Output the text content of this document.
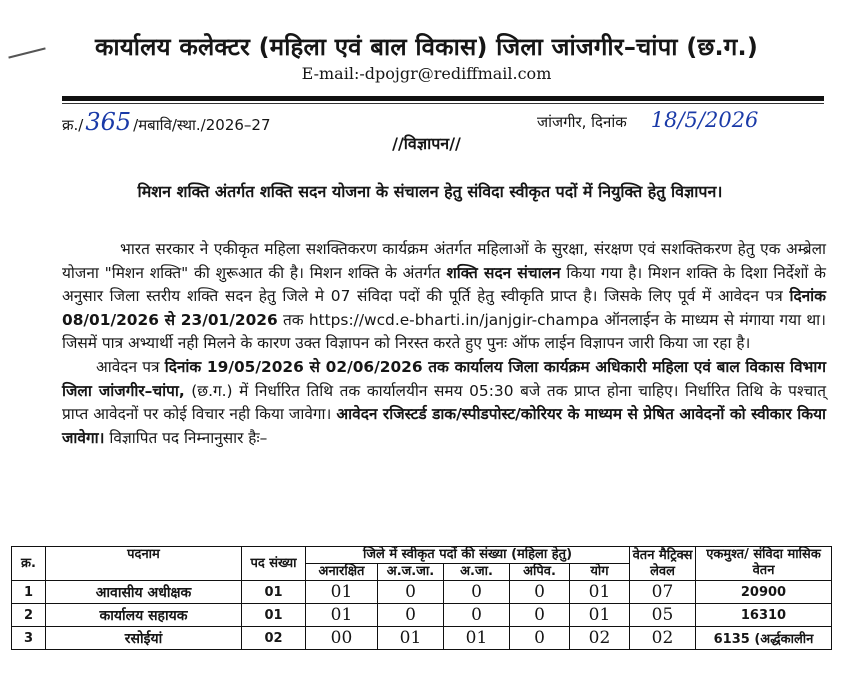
कार्यालय कलेक्टर (महिला एवं बाल विकास) जिला जांजगीर–चांपा (छ.ग.)
E-mail:-dpojgr@rediffmail.com
क्र./ 365 /मबावि/स्था./2026–27	जांजगीर, दिनांक 18/5/2026
//विज्ञापन//
मिशन शक्ति अंतर्गत शक्ति सदन योजना के संचालन हेतु संविदा स्वीकृत पदों में नियुक्ति हेतु विज्ञापन।

भारत सरकार ने एकीकृत महिला सशक्तिकरण कार्यक्रम अंतर्गत महिलाओं के सुरक्षा, संरक्षण एवं सशक्तिकरण हेतु एक अम्ब्रेला योजना "मिशन शक्ति" की शुरूआत की है। मिशन शक्ति के अंतर्गत शक्ति सदन संचालन किया गया है। मिशन शक्ति के दिशा निर्देशों के अनुसार जिला स्तरीय शक्ति सदन हेतु जिले मे 07 संविदा पदों की पूर्ति हेतु स्वीकृति प्राप्त है। जिसके लिए पूर्व में आवेदन पत्र दिनांक 08/01/2026 से 23/01/2026 तक https://wcd.e-bharti.in/janjgir-champa ऑनलाईन के माध्यम से मंगाया गया था। जिसमें पात्र अभ्यार्थी नही मिलने के कारण उक्त विज्ञापन को निरस्त करते हुए पुनः ऑफ लाईन विज्ञापन जारी किया जा रहा है।

आवेदन पत्र दिनांक 19/05/2026 से 02/06/2026 तक कार्यालय जिला कार्यक्रम अधिकारी महिला एवं बाल विकास विभाग जिला जांजगीर–चांपा, (छ.ग.) में निर्धारित तिथि तक कार्यालयीन समय 05:30 बजे तक प्राप्त होना चाहिए। निर्धारित तिथि के पश्चात् प्राप्त आवेदनों पर कोई विचार नही किया जावेगा। आवेदन रजिस्टर्ड डाक/स्पीडपोस्ट/कोरियर के माध्यम से प्रेषित आवेदनों को स्वीकार किया जावेगा। विज्ञापित पद निम्नानुसार हैः–

क्र.	पदनाम	पद संख्या	जिले में स्वीकृत पदों की संख्या (महिला हेतु)					वेतन मैट्रिक्स लेवल	एकमुश्त/ संविदा मासिक वेतन
			अनारक्षित	अ.ज.जा.	अ.जा.	अपिव.	योग		
1	आवासीय अधीक्षक	01	01	0	0	0	01	07	20900
2	कार्यालय सहायक	01	01	0	0	0	01	05	16310
3	रसोईयां	02	00	01	01	0	02	02	6135 (अर्द्धकालीन
